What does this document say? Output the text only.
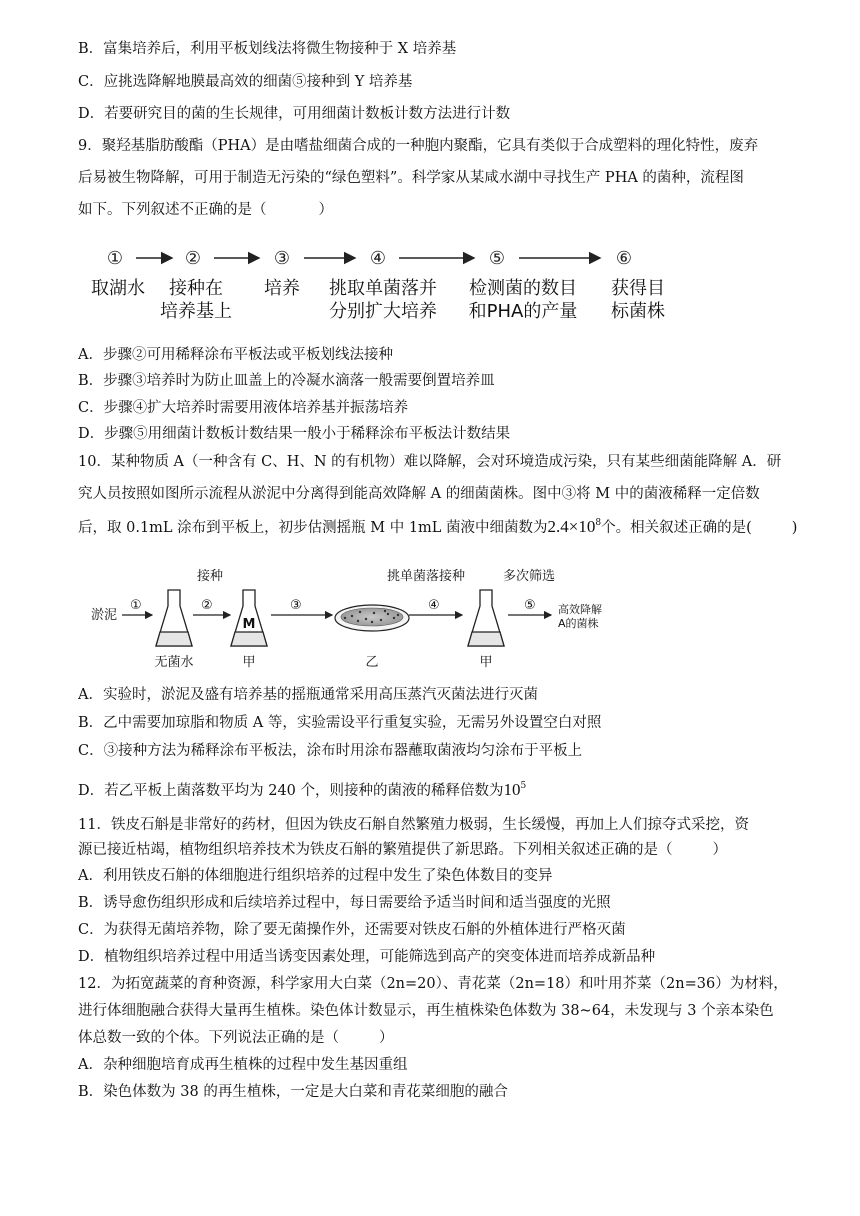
B．富集培养后，利用平板划线法将微生物接种于 X 培养基
C．应挑选降解地膜最高效的细菌⑤接种到 Y 培养基
D．若要研究目的菌的生长规律，可用细菌计数板计数方法进行计数
9．聚羟基脂肪酸酯（PHA）是由嗜盐细菌合成的一种胞内聚酯，它具有类似于合成塑料的理化特性，废弃
后易被生物降解，可用于制造无污染的“绿色塑料”。科学家从某咸水湖中寻找生产 PHA 的菌种，流程图
如下。下列叙述不正确的是（	）
①	②	③	④	⑤	⑥
取湖水 接种在
培养基上
培养 挑取单菌落并
分别扩大培养
检测菌的数目
和PHA的产量
获得目
标菌株
A．步骤②可用稀释涂布平板法或平板划线法接种
B．步骤③培养时为防止皿盖上的冷凝水滴落一般需要倒置培养皿
C．步骤④扩大培养时需要用液体培养基并振荡培养
D．步骤⑤用细菌计数板计数结果一般小于稀释涂布平板法计数结果
10．某种物质 A（一种含有 C、H、N 的有机物）难以降解，会对环境造成污染，只有某些细菌能降解 A．研
究人员按照如图所示流程从淤泥中分离得到能高效降解 A 的细菌菌株。图中③将 M 中的菌液稀释一定倍数
后，取 0.1mL 涂布到平板上，初步估测摇瓶 M 中 1mL 菌液中细菌数为$2.4\times 10^8$个。相关叙述正确的是(	)
淤泥
接种	挑单菌落接种	多次筛选
①	②	③	④	⑤
M
无菌水	甲	乙	甲
高效降解
A的菌株
A．实验时，淤泥及盛有培养基的摇瓶通常采用高压蒸汽灭菌法进行灭菌
B．乙中需要加琼脂和物质 A 等，实验需设平行重复实验，无需另外设置空白对照
C．③接种方法为稀释涂布平板法，涂布时用涂布器蘸取菌液均匀涂布于平板上
D．若乙平板上菌落数平均为 240 个，则接种的菌液的稀释倍数为$10^5$
11．铁皮石斛是非常好的药材，但因为铁皮石斛自然繁殖力极弱，生长缓慢，再加上人们掠夺式采挖，资
源已接近枯竭，植物组织培养技术为铁皮石斛的繁殖提供了新思路。下列相关叙述正确的是（	）
A．利用铁皮石斛的体细胞进行组织培养的过程中发生了染色体数目的变异
B．诱导愈伤组织形成和后续培养过程中，每日需要给予适当时间和适当强度的光照
C．为获得无菌培养物，除了要无菌操作外，还需要对铁皮石斛的外植体进行严格灭菌
D．植物组织培养过程中用适当诱变因素处理，可能筛选到高产的突变体进而培养成新品种
12．为拓宽蔬菜的育种资源，科学家用大白菜（2n=20）、青花菜（2n=18）和叶用芥菜（2n=36）为材料，
进行体细胞融合获得大量再生植株。染色体计数显示，再生植株染色体数为 38~64，未发现与 3 个亲本染色
体总数一致的个体。下列说法正确的是（	）
A．杂种细胞培育成再生植株的过程中发生基因重组
B．染色体数为 38 的再生植株，一定是大白菜和青花菜细胞的融合
